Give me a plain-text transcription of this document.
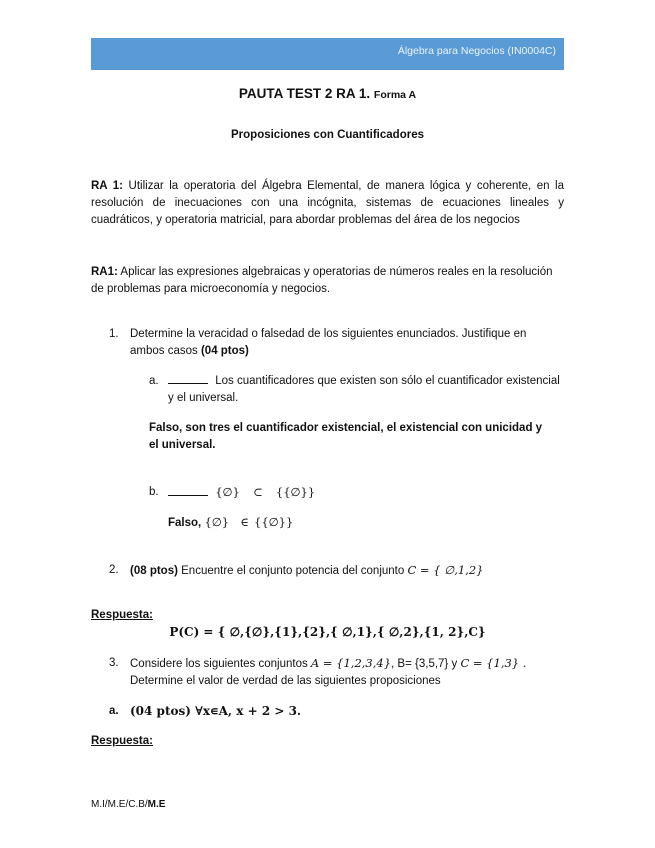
Álgebra para Negocios (IN0004C)
PAUTA TEST 2 RA 1. Forma A
Proposiciones con Cuantificadores
RA 1: Utilizar la operatoria del Álgebra Elemental, de manera lógica y coherente, en la resolución de inecuaciones con una incógnita, sistemas de ecuaciones lineales y cuadráticos, y operatoria matricial, para abordar problemas del área de los negocios
RA1: Aplicar las expresiones algebraicas y operatorias de números reales en la resolución de problemas para microeconomía y negocios.
1. Determine la veracidad o falsedad de los siguientes enunciados. Justifique en ambos casos (04 ptos)
a.	Los cuantificadores que existen son sólo el cuantificador existencial y el universal.
Falso, son tres el cuantificador existencial, el existencial con unicidad y el universal.
b.	{∅} ⊂ {{∅}}
Falso, {∅} ∈ {{∅}}
2. (08 ptos) Encuentre el conjunto potencia del conjunto C = { ∅,1,2}
Respuesta:
P(C) = { ∅,{∅},{1},{2},{ ∅,1},{ ∅,2},{1, 2},C}
3. Considere los siguientes conjuntos A = {1,2,3,4}, B= {3,5,7} y C = {1,3} .
Determine el valor de verdad de las siguientes proposiciones
a. (04 ptos) ∀x∊A, x + 2 > 3.
Respuesta:
M.I/M.E/C.B/M.E
